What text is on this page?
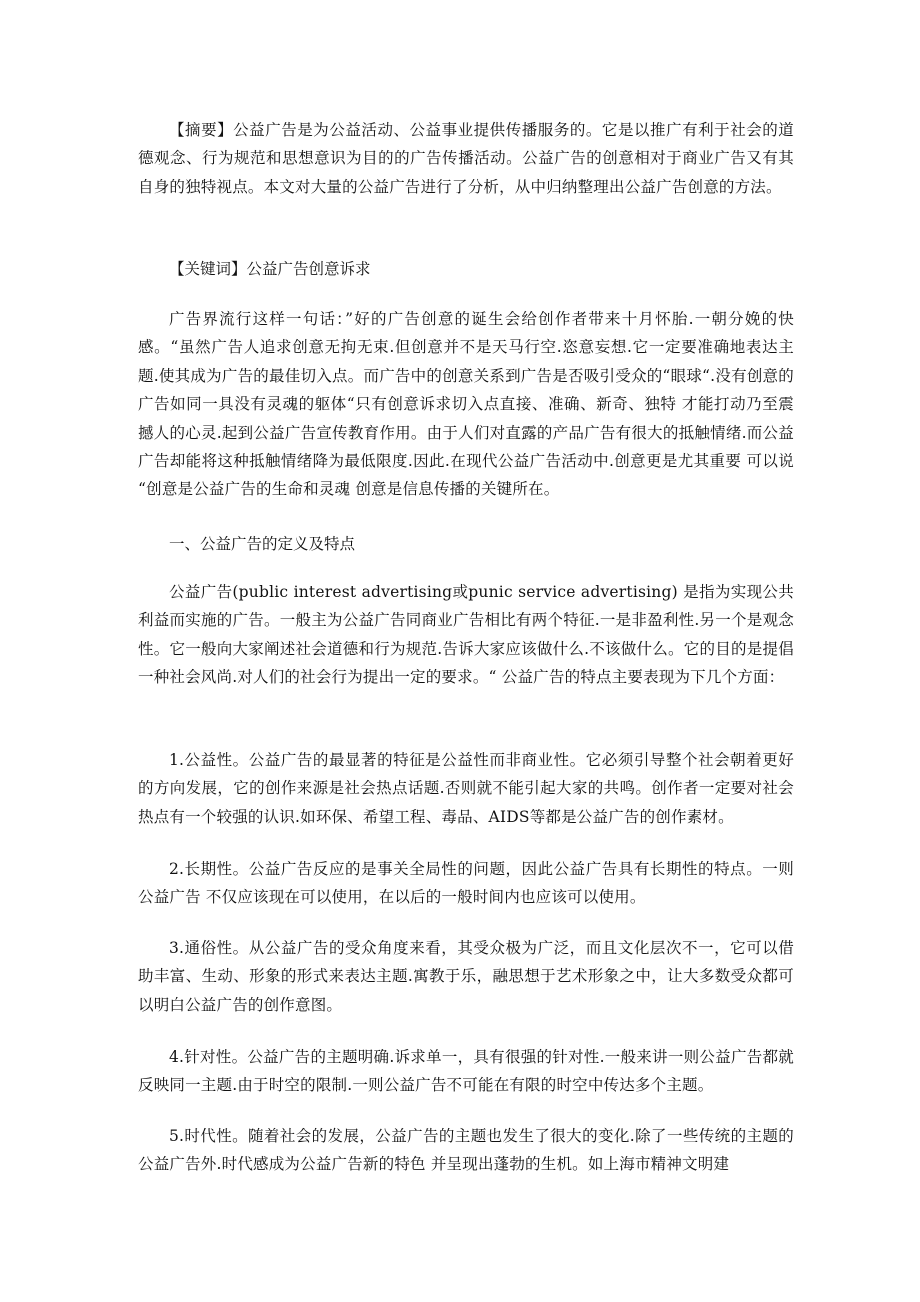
【摘要】公益广告是为公益活动、公益事业提供传播服务的。它是以推广有利于社会的道德观念、行为规范和思想意识为目的的广告传播活动。公益广告的创意相对于商业广告又有其自身的独特视点。本文对大量的公益广告进行了分析，从中归纳整理出公益广告创意的方法。

【关键词】公益广告创意诉求

广告界流行这样一句话：”好的广告创意的诞生会给创作者带来十月怀胎.一朝分娩的快感。“虽然广告人追求创意无拘无束.但创意并不是天马行空.恣意妄想.它一定要准确地表达主题.使其成为广告的最佳切入点。而广告中的创意关系到广告是否吸引受众的“眼球“.没有创意的广告如同一具没有灵魂的躯体“只有创意诉求切入点直接、准确、新奇、独特 才能打动乃至震撼人的心灵.起到公益广告宣传教育作用。由于人们对直露的产品广告有很大的抵触情绪.而公益广告却能将这种抵触情绪降为最低限度.因此.在现代公益广告活动中.创意更是尤其重要 可以说 “创意是公益广告的生命和灵魂 创意是信息传播的关键所在。

一、公益广告的定义及特点

公益广告(public interest advertising或punic service advertising) 是指为实现公共利益而实施的广告。一般主为公益广告同商业广告相比有两个特征.一是非盈利性.另一个是观念性。它一般向大家阐述社会道德和行为规范.告诉大家应该做什么.不该做什么。它的目的是提倡一种社会风尚.对人们的社会行为提出一定的要求。“ 公益广告的特点主要表现为下几个方面：

1.公益性。公益广告的最显著的特征是公益性而非商业性。它必须引导整个社会朝着更好的方向发展，它的创作来源是社会热点话题.否则就不能引起大家的共鸣。创作者一定要对社会热点有一个较强的认识.如环保、希望工程、毒品、AIDS等都是公益广告的创作素材。

2.长期性。公益广告反应的是事关全局性的问题，因此公益广告具有长期性的特点。一则公益广告 不仅应该现在可以使用，在以后的一般时间内也应该可以使用。

3.通俗性。从公益广告的受众角度来看，其受众极为广泛，而且文化层次不一，它可以借助丰富、生动、形象的形式来表达主题.寓教于乐，融思想于艺术形象之中，让大多数受众都可以明白公益广告的创作意图。

4.针对性。公益广告的主题明确.诉求单一，具有很强的针对性.一般来讲一则公益广告都就反映同一主题.由于时空的限制.一则公益广告不可能在有限的时空中传达多个主题。

5.时代性。随着社会的发展，公益广告的主题也发生了很大的变化.除了一些传统的主题的公益广告外.时代感成为公益广告新的特色 并呈现出蓬勃的生机。如上海市精神文明建
